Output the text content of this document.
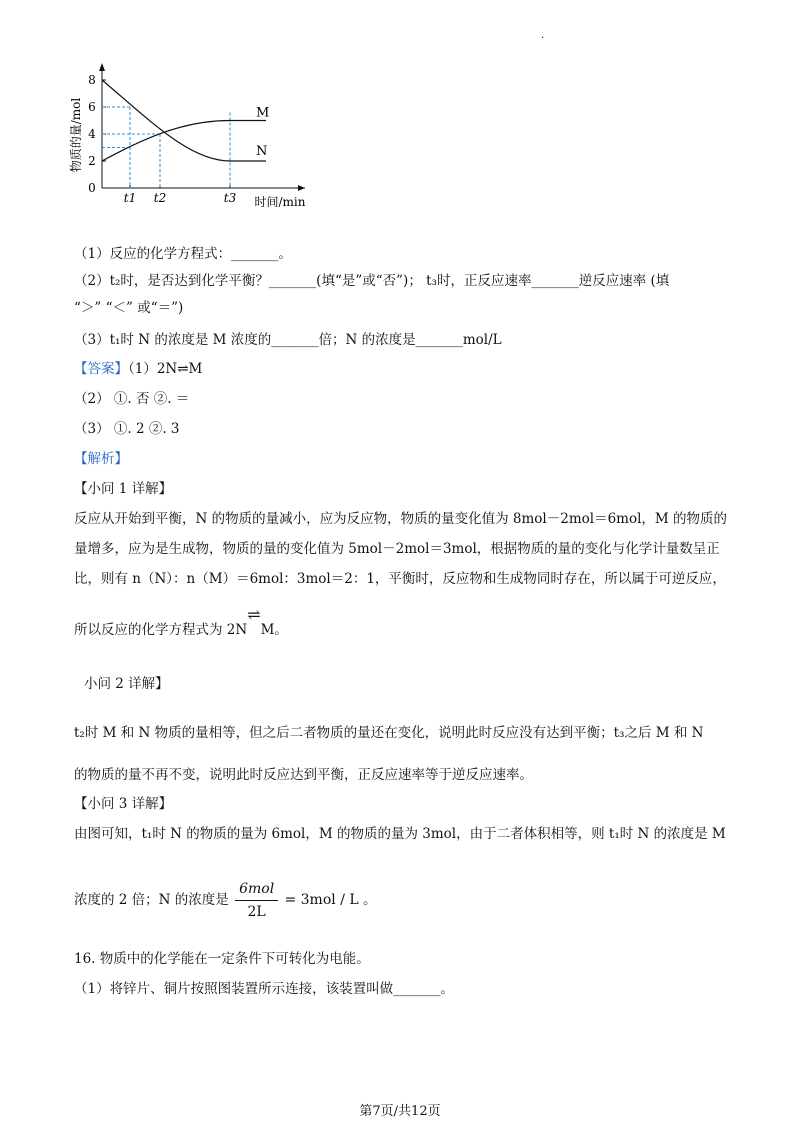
.
0
2
4
6
8
物质的量/mol
t1 t2	t3 时间/min
M
N
（1）反应的化学方程式：_______。
（2）t₂时，是否达到化学平衡？_______(填“是”或“否”)； t₃时，正反应速率_______逆反应速率 (填
“＞” “＜” 或“＝”)
（3）t₁时 N 的浓度是 M 浓度的_______倍；N 的浓度是_______mol/L
【答案】（1）2N⇌M
（2） ①. 否 ②. ＝
（3） ①. 2 ②. 3
【解析】
【小问 1 详解】
反应从开始到平衡，N 的物质的量减小，应为反应物，物质的量变化值为 8mol－2mol＝6mol，M 的物质的
量增多，应为是生成物，物质的量的变化值为 5mol－2mol＝3mol，根据物质的量的变化与化学计量数呈正
比，则有 n（N）：n（M）＝6mol：3mol＝2：1，平衡时，反应物和生成物同时存在，所以属于可逆反应，
所以反应的化学方程式为 2N⇌M。
小问 2 详解】
t₂时 M 和 N 物质的量相等，但之后二者物质的量还在变化，说明此时反应没有达到平衡；t₃之后 M 和 N
的物质的量不再不变，说明此时反应达到平衡，正反应速率等于逆反应速率。
【小问 3 详解】
由图可知，t₁时 N 的物质的量为 6mol，M 的物质的量为 3mol，由于二者体积相等，则 t₁时 N 的浓度是 M
浓度的 2 倍；N 的浓度是 $\frac{\text{6mol}}{2L} = 3mol / L$ 。
16. 物质中的化学能在一定条件下可转化为电能。
（1）将锌片、铜片按照图装置所示连接，该装置叫做_______。
第7页/共12页
